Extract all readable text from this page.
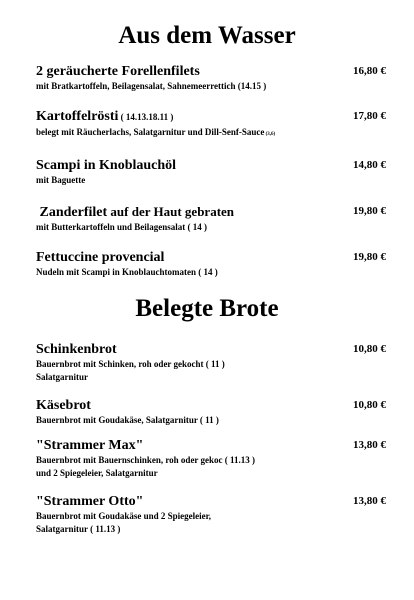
Aus dem Wasser
2 geräucherte Forellenfilets
mit Bratkartoffeln, Beilagensalat, Sahnemeerrettich (14.15 )
16,80 €
Kartoffelrösti ( 14.13.18.11 )
belegt mit Räucherlachs, Salatgarnitur und Dill-Senf-Sauce (3,6)
17,80 €
Scampi in Knoblauchöl
mit Baguette
14,80 €
Zanderfilet auf der Haut gebraten
mit Butterkartoffeln und Beilagensalat ( 14 )
19,80 €
Fettuccine provencial
Nudeln mit Scampi in Knoblauchtomaten ( 14 )
19,80 €
Belegte Brote
Schinkenbrot
Bauernbrot mit Schinken, roh oder gekocht ( 11 )
Salatgarnitur
10,80 €
Käsebrot
Bauernbrot mit Goudakäse, Salatgarnitur ( 11 )
10,80 €
"Strammer Max"
Bauernbrot mit Bauernschinken, roh oder gekoc ( 11.13 )
und 2 Spiegeleier, Salatgarnitur
13,80 €
"Strammer Otto"
Bauernbrot mit Goudakäse und 2 Spiegeleier,
Salatgarnitur ( 11.13 )
13,80 €
